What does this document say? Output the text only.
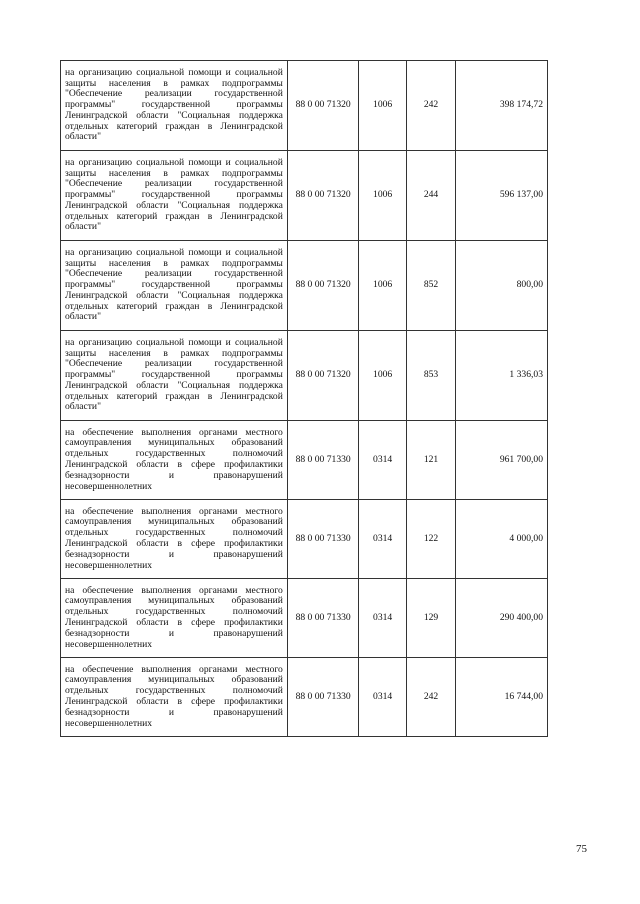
на организацию социальной помощи и социальной защиты населения в рамках подпрограммы "Обеспечение реализации государственной программы" государственной программы Ленинградской области "Социальная поддержка отдельных категорий граждан в Ленинградской области"	88 0 00 71320	1006	242	398 174,72
на организацию социальной помощи и социальной защиты населения в рамках подпрограммы "Обеспечение реализации государственной программы" государственной программы Ленинградской области "Социальная поддержка отдельных категорий граждан в Ленинградской области"	88 0 00 71320	1006	244	596 137,00
на организацию социальной помощи и социальной защиты населения в рамках подпрограммы "Обеспечение реализации государственной программы" государственной программы Ленинградской области "Социальная поддержка отдельных категорий граждан в Ленинградской области"	88 0 00 71320	1006	852	800,00
на организацию социальной помощи и социальной защиты населения в рамках подпрограммы "Обеспечение реализации государственной программы" государственной программы Ленинградской области "Социальная поддержка отдельных категорий граждан в Ленинградской области"	88 0 00 71320	1006	853	1 336,03
на обеспечение выполнения органами местного самоуправления муниципальных образований отдельных государственных полномочий Ленинградской области в сфере профилактики безнадзорности и правонарушений несовершеннолетних	88 0 00 71330	0314	121	961 700,00
на обеспечение выполнения органами местного самоуправления муниципальных образований отдельных государственных полномочий Ленинградской области в сфере профилактики безнадзорности и правонарушений несовершеннолетних	88 0 00 71330	0314	122	4 000,00
на обеспечение выполнения органами местного самоуправления муниципальных образований отдельных государственных полномочий Ленинградской области в сфере профилактики безнадзорности и правонарушений несовершеннолетних	88 0 00 71330	0314	129	290 400,00
на обеспечение выполнения органами местного самоуправления муниципальных образований отдельных государственных полномочий Ленинградской области в сфере профилактики безнадзорности и правонарушений несовершеннолетних	88 0 00 71330	0314	242	16 744,00
75
